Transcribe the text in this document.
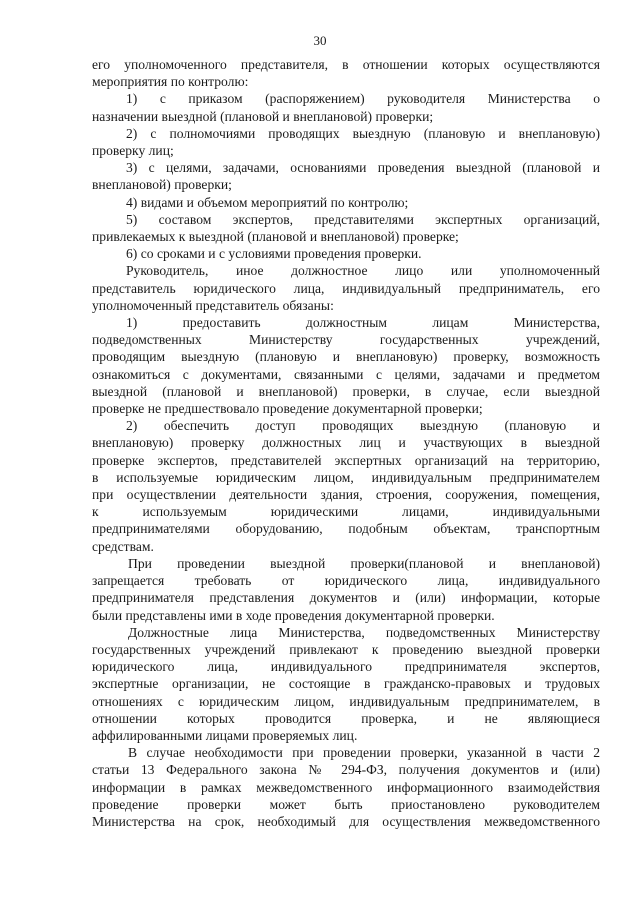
30
его уполномоченного представителя, в отношении которых осуществляются
мероприятия по контролю:
1) с приказом (распоряжением) руководителя Министерства о
назначении выездной (плановой и внеплановой) проверки;
2) с полномочиями проводящих выездную (плановую и внеплановую)
проверку лиц;
3) с целями, задачами, основаниями проведения выездной (плановой и
внеплановой) проверки;
4) видами и объемом мероприятий по контролю;
5) составом экспертов, представителями экспертных организаций,
привлекаемых к выездной (плановой и внеплановой) проверке;
6) со сроками и с условиями проведения проверки.
Руководитель, иное должностное лицо или уполномоченный
представитель юридического лица, индивидуальный предприниматель, его
уполномоченный представитель обязаны:
1) предоставить должностным лицам Министерства,
подведомственных Министерству государственных учреждений,
проводящим выездную (плановую и внеплановую) проверку, возможность
ознакомиться с документами, связанными с целями, задачами и предметом
выездной (плановой и внеплановой) проверки, в случае, если выездной
проверке не предшествовало проведение документарной проверки;
2) обеспечить доступ проводящих выездную (плановую и
внеплановую) проверку должностных лиц и участвующих в выездной
проверке экспертов, представителей экспертных организаций на территорию,
в используемые юридическим лицом, индивидуальным предпринимателем
при осуществлении деятельности здания, строения, сооружения, помещения,
к используемым юридическими лицами, индивидуальными
предпринимателями оборудованию, подобным объектам, транспортным
средствам.
При проведении выездной проверки(плановой и внеплановой)
запрещается требовать от юридического лица, индивидуального
предпринимателя представления документов и (или) информации, которые
были представлены ими в ходе проведения документарной проверки.
Должностные лица Министерства, подведомственных Министерству
государственных учреждений привлекают к проведению выездной проверки
юридического лица, индивидуального предпринимателя экспертов,
экспертные организации, не состоящие в гражданско-правовых и трудовых
отношениях с юридическим лицом, индивидуальным предпринимателем, в
отношении которых проводится проверка, и не являющиеся
аффилированными лицами проверяемых лиц.
В случае необходимости при проведении проверки, указанной в части 2
статьи 13 Федерального закона № 294-ФЗ, получения документов и (или)
информации в рамках межведомственного информационного взаимодействия
проведение проверки может быть приостановлено руководителем
Министерства на срок, необходимый для осуществления межведомственного
